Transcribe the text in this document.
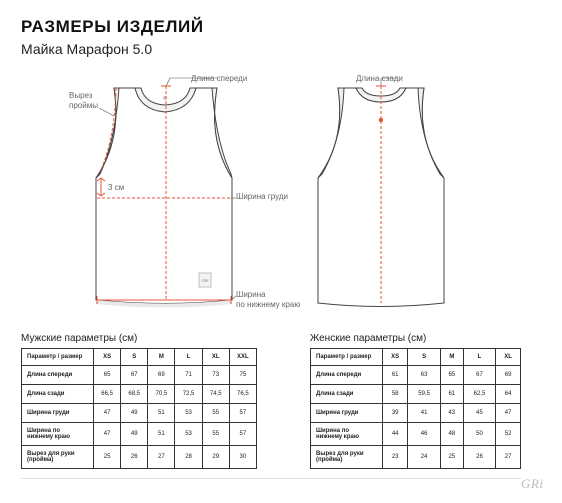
РАЗМЕРЫ ИЗДЕЛИЙ
Майка Марафон 5.0
GRi
Длина спереди	Длина сзади
Вырез
проймы
3 см
Ширина груди
Ширина
по нижнему краю
Мужские параметры (см)
Параметр / размер	XS	S	M	L	XL	XXL
Длина спереди	65	67	69	71	73	75
Длина сзади	66,5	68,5	70,5	72,5	74,5	76,5
Ширина груди	47	49	51	53	55	57
Ширина по
нижнему краю	47	49	51	53	55	57
Вырез для руки
(пройма)	25	26	27	28	29	30
Женские параметры (см)
Параметр / размер	XS	S	M	L	XL
Длина спереди	61	63	65	67	69
Длина сзади	58	59,5	61	62,5	64
Ширина груди	39	41	43	45	47
Ширина по
нижнему краю	44	46	48	50	52
Вырез для руки
(пройма)	23	24	25	26	27
GRi
